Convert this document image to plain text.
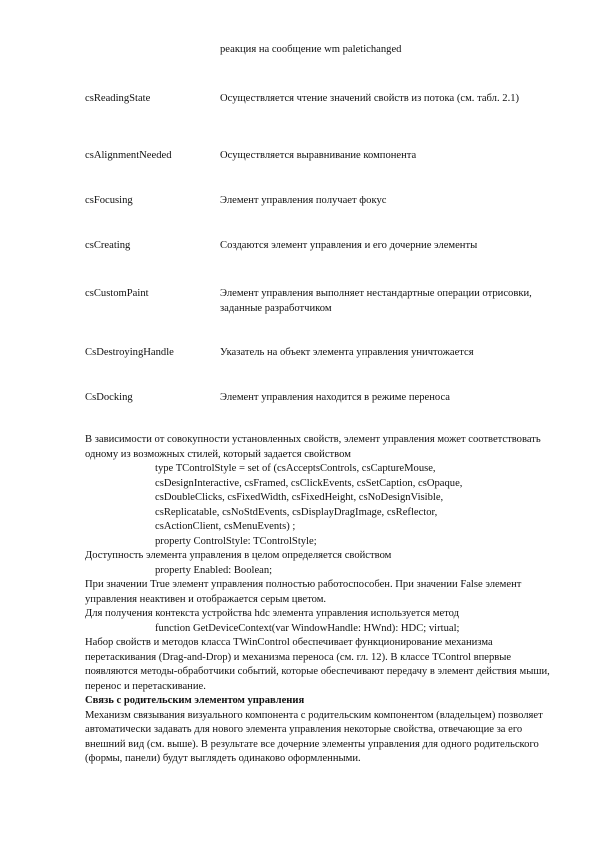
реакция на сообщение wm paletichanged
csReadingState	Осуществляется чтение значений свойств из потока (см. табл. 2.1)
csAlignmentNeeded	Осуществляется выравнивание компонента
csFocusing	Элемент управления получает фокус
csCreating	Создаются элемент управления и его дочерние элементы
csCustomPaint	Элемент управления выполняет нестандартные операции отрисовки, заданные разработчиком
CsDestroyingHandle	Указатель на объект элемента управления уничтожается
CsDocking	Элемент управления находится в режиме переноса

В зависимости от совокупности установленных свойств, элемент управления может соответствовать одному из возможных стилей, который задается свойством

type TControlStyle = set of (csAcceptsControls, csCaptureMouse,
csDesignInteractive, csFramed, csClickEvents, csSetCaption, csOpaque,
csDoubleClicks, csFixedWidth, csFixedHeight, csNoDesignVisible,
csReplicatable, csNoStdEvents, csDisplayDragImage, csReflector,
csActionClient, csMenuEvents) ;
property ControlStyle: TControlStyle;

Доступность элемента управления в целом определяется свойством

property Enabled: Boolean;

При значении True элемент управления полностью работоспособен. При значении False элемент управления неактивен и отображается серым цветом.

Для получения контекста устройства hdc элемента управления используется метод

function GetDeviceContext(var WindowHandle: HWnd): HDC; virtual;

Набор свойств и методов класса TWinControl обеспечивает функционирование механизма перетаскивания (Drag-and-Drop) и механизма переноса (см. гл. 12). В классе TControl впервые появляются методы-обработчики событий, которые обеспечивают передачу в элемент действия мыши, перенос и перетаскивание.

Связь с родительским элементом управления

Механизм связывания визуального компонента с родительским компонентом (владельцем) позволяет автоматически задавать для нового элемента управления некоторые свойства, отвечающие за его внешний вид (см. выше). В результате все дочерние элементы управления для одного родительского (формы, панели) будут выглядеть одинаково оформленными.
